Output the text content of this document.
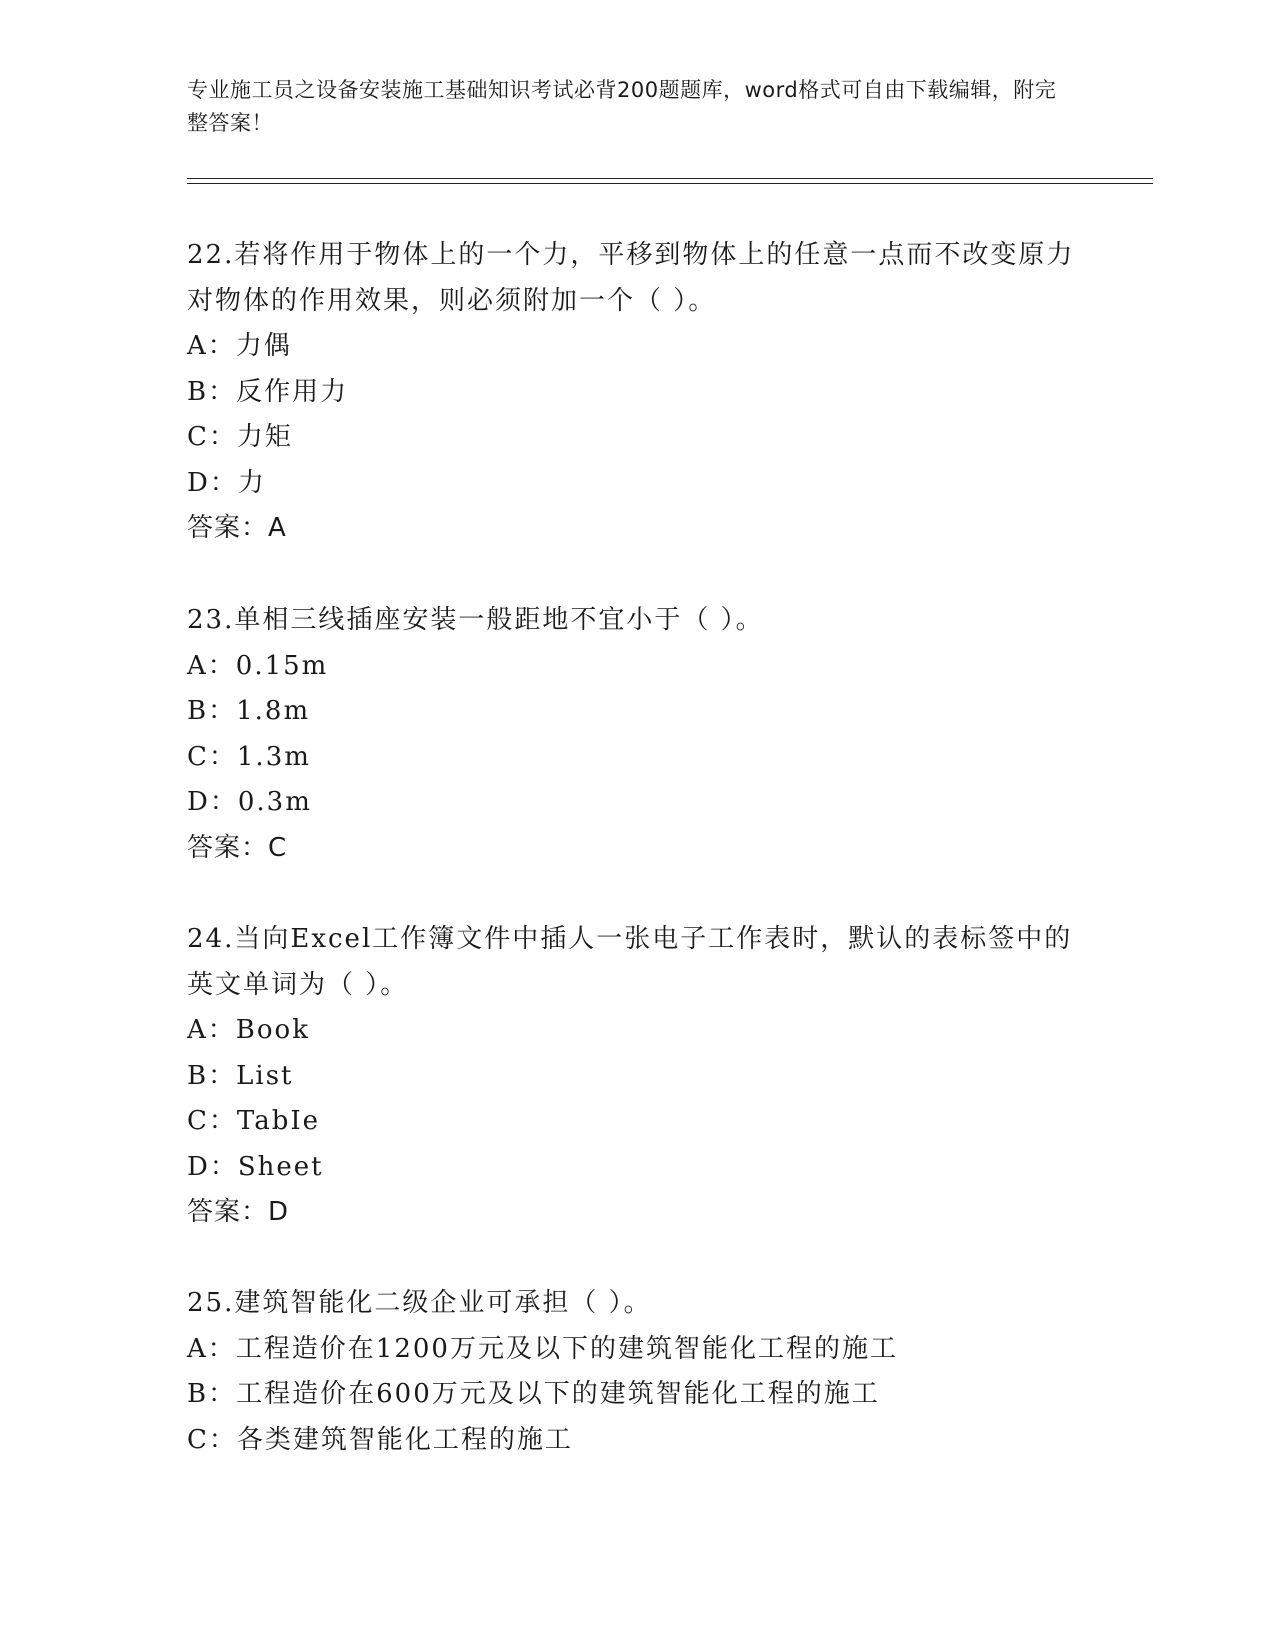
专业施工员之设备安装施工基础知识考试必背200题题库，word格式可自由下载编辑，附完整答案！
22.若将作用于物体上的一个力，平移到物体上的任意一点而不改变原力对物体的作用效果，则必须附加一个（ ）。
A：力偶
B：反作用力
C：力矩
D：力
答案：A
23.单相三线插座安装一般距地不宜小于（ ）。
A：0.15m
B：1.8m
C：1.3m
D：0.3m
答案：C
24.当向Excel工作簿文件中插人一张电子工作表时，默认的表标签中的英文单词为（ ）。
A：Book
B：List
C：TabIe
D：Sheet
答案：D
25.建筑智能化二级企业可承担（ ）。
A：工程造价在1200万元及以下的建筑智能化工程的施工
B：工程造价在600万元及以下的建筑智能化工程的施工
C：各类建筑智能化工程的施工
